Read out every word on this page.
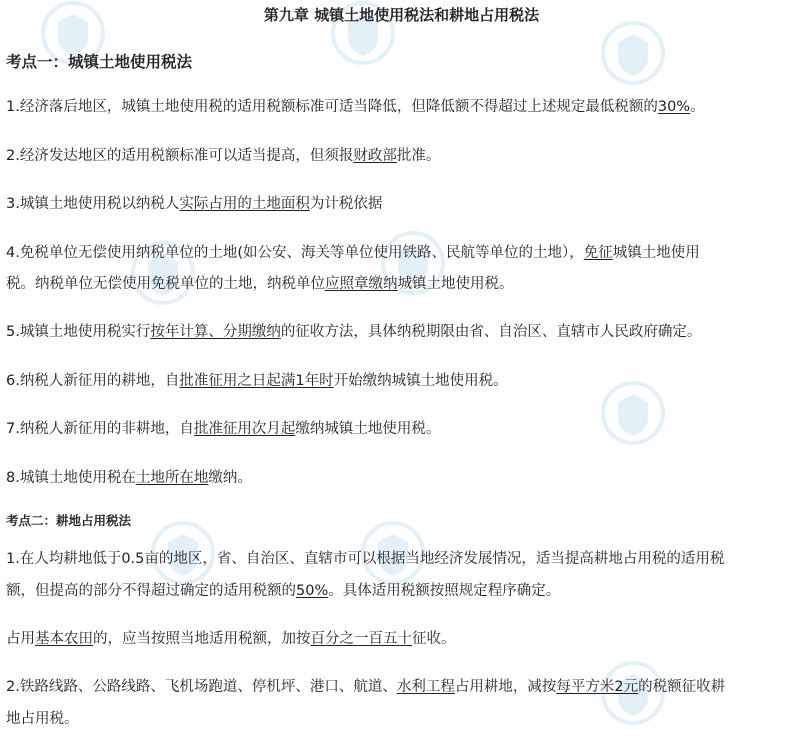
第九章 城镇土地使用税法和耕地占用税法
考点一：城镇土地使用税法
1.经济落后地区，城镇土地使用税的适用税额标准可适当降低，但降低额不得超过上述规定最低税额的30%。
2.经济发达地区的适用税额标准可以适当提高，但须报财政部批准。
3.城镇土地使用税以纳税人实际占用的土地面积为计税依据
4.免税单位无偿使用纳税单位的土地(如公安、海关等单位使用铁路、民航等单位的土地），免征城镇土地使用
税。纳税单位无偿使用免税单位的土地，纳税单位应照章缴纳城镇土地使用税。
5.城镇土地使用税实行按年计算、分期缴纳的征收方法，具体纳税期限由省、自治区、直辖市人民政府确定。
6.纳税人新征用的耕地，自批准征用之日起满1年时开始缴纳城镇土地使用税。
7.纳税人新征用的非耕地，自批准征用次月起缴纳城镇土地使用税。
8.城镇土地使用税在土地所在地缴纳。
考点二：耕地占用税法
1.在人均耕地低于0.5亩的地区，省、自治区、直辖市可以根据当地经济发展情况，适当提高耕地占用税的适用税
额，但提高的部分不得超过确定的适用税额的50%。具体适用税额按照规定程序确定。
占用基本农田的，应当按照当地适用税额，加按百分之一百五十征收。
2.铁路线路、公路线路、飞机场跑道、停机坪、港口、航道、水利工程占用耕地，减按每平方米2元的税额征收耕
地占用税。
